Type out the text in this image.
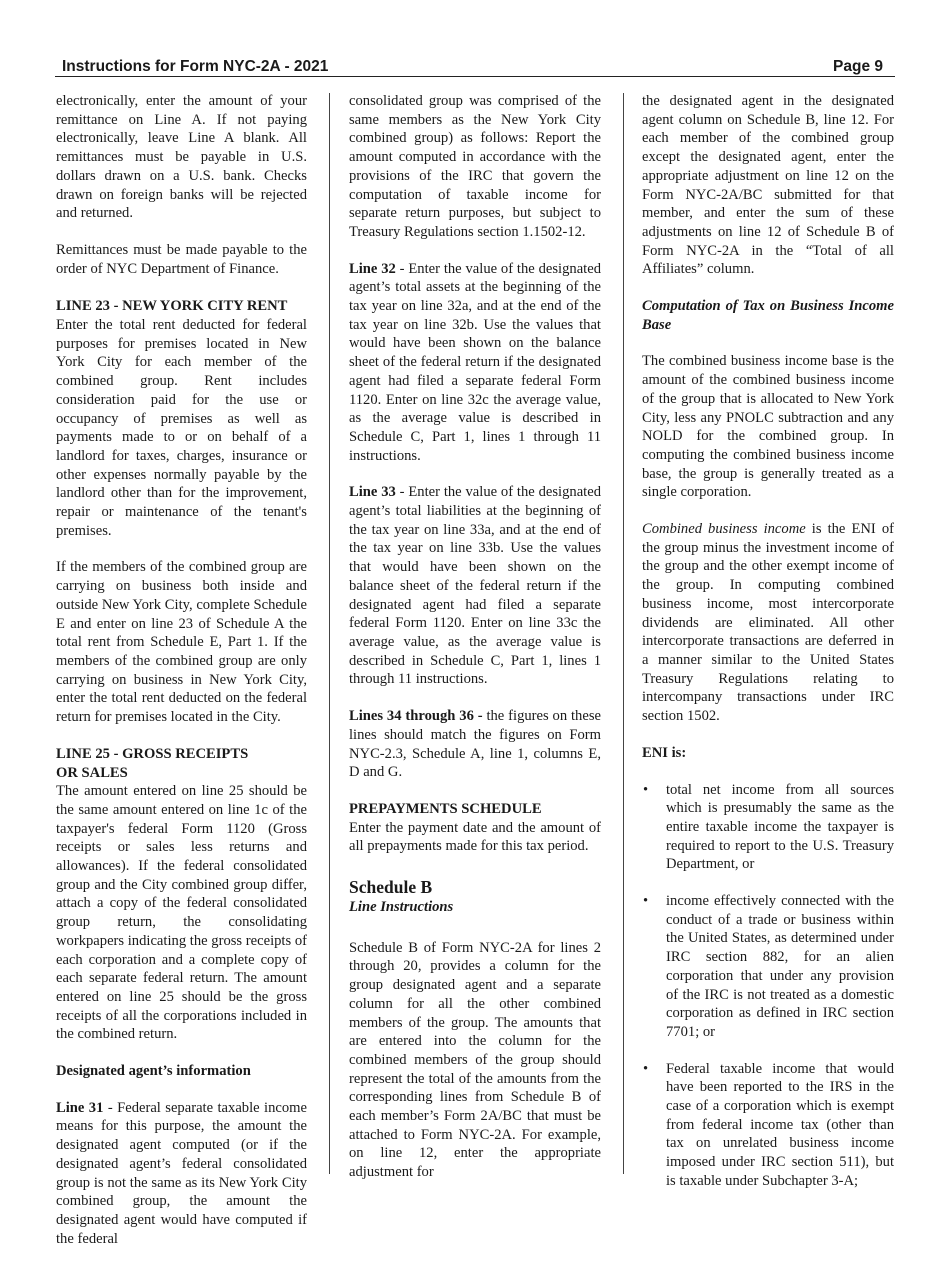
Instructions for Form NYC-2A - 2021	Page 9

electronically, enter the amount of your remittance on Line A. If not paying electronically, leave Line A blank. All remittances must be payable in U.S. dollars drawn on a U.S. bank. Checks drawn on foreign banks will be rejected and returned.

Remittances must be made payable to the order of NYC Department of Finance.

LINE 23 - NEW YORK CITY RENT

Enter the total rent deducted for federal purposes for premises located in New York City for each member of the combined group. Rent includes consideration paid for the use or occupancy of premises as well as payments made to or on behalf of a landlord for taxes, charges, insurance or other expenses normally payable by the landlord other than for the improvement, repair or maintenance of the tenant's premises.

If the members of the combined group are carrying on business both inside and outside New York City, complete Schedule E and enter on line 23 of Schedule A the total rent from Schedule E, Part 1. If the members of the combined group are only carrying on business in New York City, enter the total rent deducted on the federal return for premises located in the City.

LINE 25 - GROSS RECEIPTS
OR SALES

The amount entered on line 25 should be the same amount entered on line 1c of the taxpayer's federal Form 1120 (Gross receipts or sales less returns and allowances). If the federal consolidated group and the City combined group differ, attach a copy of the federal consolidated group return, the consolidating workpapers indicating the gross receipts of each corporation and a complete copy of each separate federal return. The amount entered on line 25 should be the gross receipts of all the corporations included in the combined return.

Designated agent’s information

Line 31 - Federal separate taxable income means for this purpose, the amount the designated agent computed (or if the designated agent’s federal consolidated group is not the same as its New York City combined group, the amount the designated agent would have computed if the federal

consolidated group was comprised of the same members as the New York City combined group) as follows: Report the amount computed in accordance with the provisions of the IRC that govern the computation of taxable income for separate return purposes, but subject to Treasury Regulations section 1.1502-12.

Line 32 - Enter the value of the designated agent’s total assets at the beginning of the tax year on line 32a, and at the end of the tax year on line 32b. Use the values that would have been shown on the balance sheet of the federal return if the designated agent had filed a separate federal Form 1120. Enter on line 32c the average value, as the average value is described in Schedule C, Part 1, lines 1 through 11 instructions.

Line 33 - Enter the value of the designated agent’s total liabilities at the beginning of the tax year on line 33a, and at the end of the tax year on line 33b. Use the values that would have been shown on the balance sheet of the federal return if the designated agent had filed a separate federal Form 1120. Enter on line 33c the average value, as the average value is described in Schedule C, Part 1, lines 1 through 11 instructions.

Lines 34 through 36 - the figures on these lines should match the figures on Form NYC-2.3, Schedule A, line 1, columns E, D and G.

PREPAYMENTS SCHEDULE

Enter the payment date and the amount of all prepayments made for this tax period.

Schedule B
Line Instructions

Schedule B of Form NYC-2A for lines 2 through 20, provides a column for the group designated agent and a separate column for all the other combined members of the group. The amounts that are entered into the column for the combined members of the group should represent the total of the amounts from the corresponding lines from Schedule B of each member’s Form 2A/BC that must be attached to Form NYC-2A. For example, on line 12, enter the appropriate adjustment for

the designated agent in the designated agent column on Schedule B, line 12. For each member of the combined group except the designated agent, enter the appropriate adjustment on line 12 on the Form NYC-2A/BC submitted for that member, and enter the sum of these adjustments on line 12 of Schedule B of Form NYC-2A in the “Total of all Affiliates” column.

Computation of Tax on Business Income Base

The combined business income base is the amount of the combined business income of the group that is allocated to New York City, less any PNOLC subtraction and any NOLD for the combined group. In computing the combined business income base, the group is generally treated as a single corporation.

Combined business income is the ENI of the group minus the investment income of the group and the other exempt income of the group. In computing combined business income, most intercorporate dividends are eliminated. All other intercorporate transactions are deferred in a manner similar to the United States Treasury Regulations relating to intercompany transactions under IRC section 1502.

ENI is:
• total net income from all sources which is presumably the same as the entire taxable income the taxpayer is required to report to the U.S. Treasury Department, or
• income effectively connected with the conduct of a trade or business within the United States, as determined under IRC section 882, for an alien corporation that under any provision of the IRC is not treated as a domestic corporation as defined in IRC section 7701; or
• Federal taxable income that would have been reported to the IRS in the case of a corporation which is exempt from federal income tax (other than tax on unrelated business income imposed under IRC section 511), but is taxable under Subchapter 3-A;
